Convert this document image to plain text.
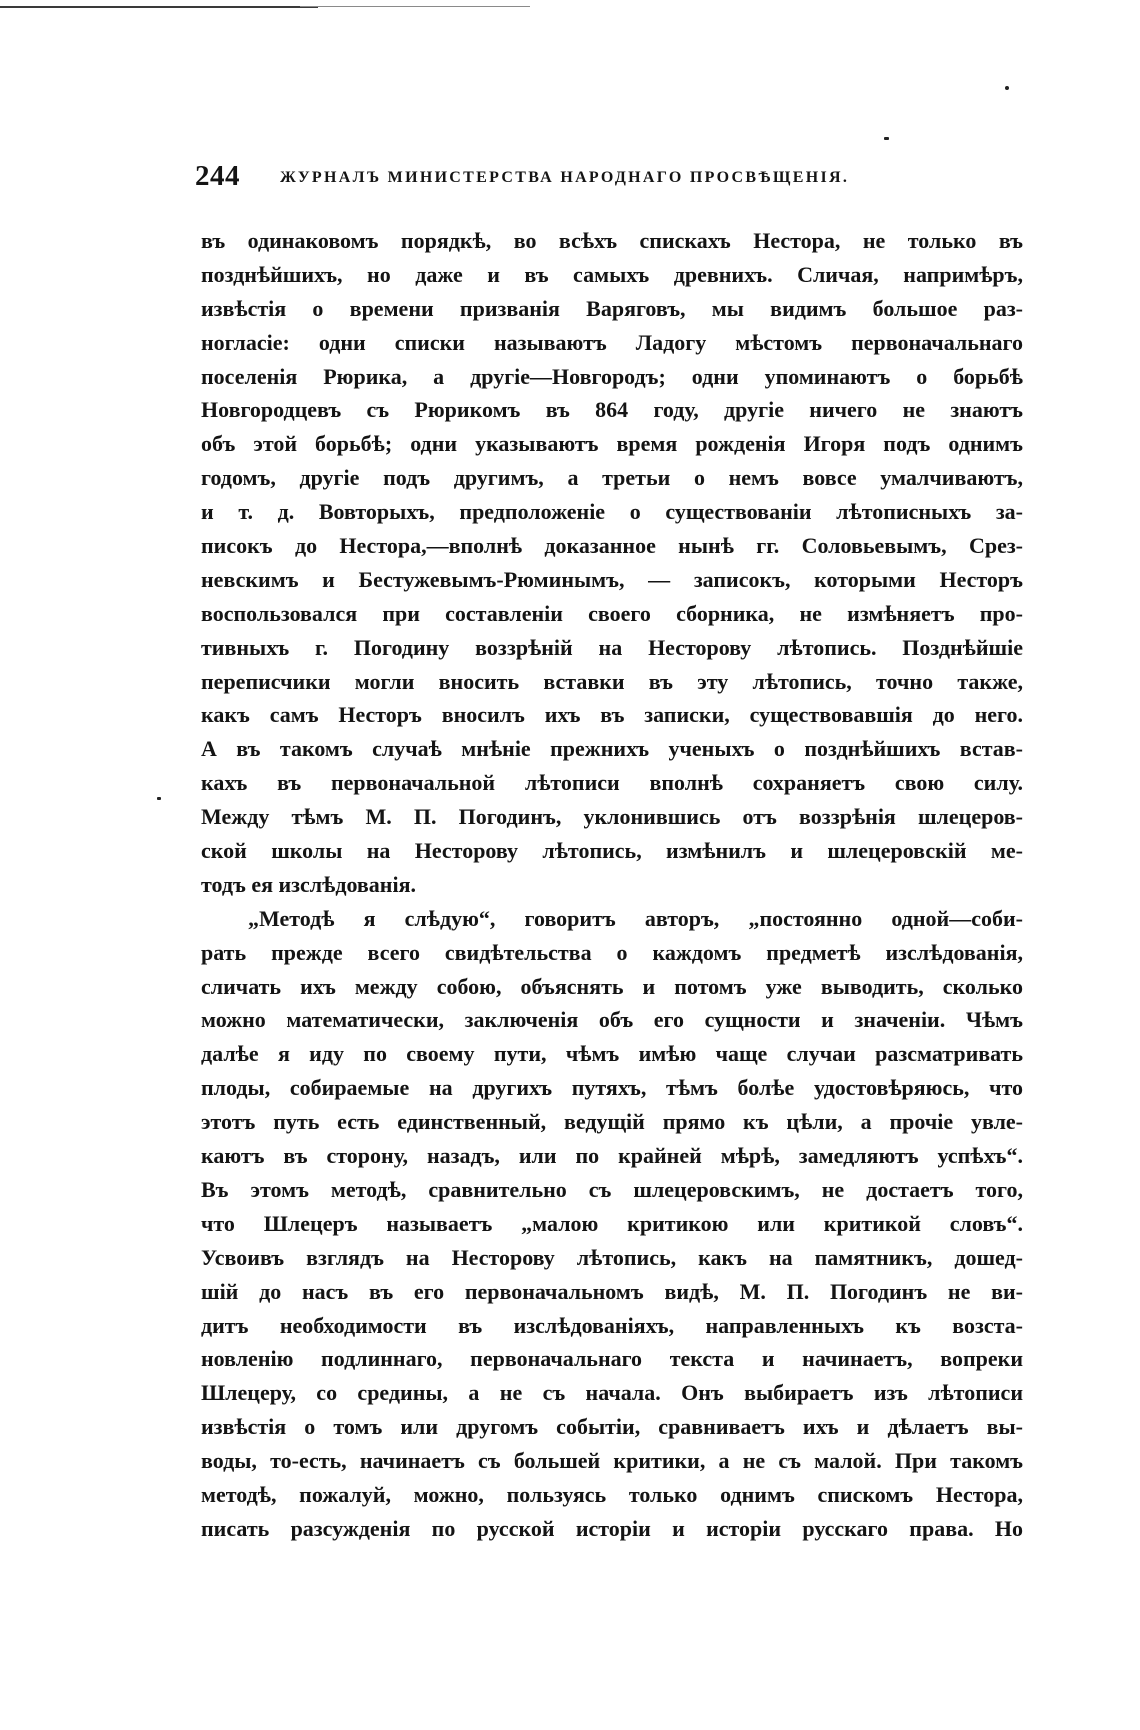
244	ЖУРНАЛЪ МИНИСТЕРСТВА НАРОДНАГО ПРОСВѢЩЕНІЯ.
въ одинаковомъ порядкѣ, во всѣхъ спискахъ Нестора, не только въ
позднѣйшихъ, но даже и въ самыхъ древнихъ. Сличая, напримѣръ,
извѣстія о времени призванія Варяговъ, мы видимъ большое раз-
ногласіе: одни списки называютъ Ладогу мѣстомъ первоначальнаго
поселенія Рюрика, а другіе—Новгородъ; одни упоминаютъ о борьбѣ
Новгородцевъ съ Рюрикомъ въ 864 году, другіе ничего не знаютъ
объ этой борьбѣ; одни указываютъ время рожденія Игоря подъ однимъ
годомъ, другіе подъ другимъ, а третьи о немъ вовсе умалчиваютъ,
и т. д. Вовторыхъ, предположеніе о существованіи лѣтописныхъ за-
писокъ до Нестора,—вполнѣ доказанное нынѣ гг. Соловьевымъ, Срез-
невскимъ и Бестужевымъ-Рюминымъ, — записокъ, которыми Несторъ
воспользовался при составленіи своего сборника, не измѣняетъ про-
тивныхъ г. Погодину воззрѣній на Несторову лѣтопись. Позднѣйшіе
переписчики могли вносить вставки въ эту лѣтопись, точно также,
какъ самъ Несторъ вносилъ ихъ въ записки, существовавшія до него.
А въ такомъ случаѣ мнѣніе прежнихъ ученыхъ о позднѣйшихъ встав-
кахъ въ первоначальной лѣтописи вполнѣ сохраняетъ свою силу.
Между тѣмъ М. П. Погодинъ, уклонившись отъ воззрѣнія шлецеров-
ской школы на Несторову лѣтопись, измѣнилъ и шлецеровскій ме-
тодъ ея изслѣдованія.
„Методѣ я слѣдую“, говоритъ авторъ, „постоянно одной—соби-
рать прежде всего свидѣтельства о каждомъ предметѣ изслѣдованія,
сличать ихъ между собою, объяснять и потомъ уже выводить, сколько
можно математически, заключенія объ его сущности и значеніи. Чѣмъ
далѣе я иду по своему пути, чѣмъ имѣю чаще случаи разсматривать
плоды, собираемые на другихъ путяхъ, тѣмъ болѣе удостовѣряюсь, что
этотъ путь есть единственный, ведущій прямо къ цѣли, а прочіе увле-
каютъ въ сторону, назадъ, или по крайней мѣрѣ, замедляютъ успѣхъ“.
Въ этомъ методѣ, сравнительно съ шлецеровскимъ, не достаетъ того,
что Шлецеръ называетъ „малою критикою или критикой словъ“.
Усвоивъ взглядъ на Несторову лѣтопись, какъ на памятникъ, дошед-
шій до насъ въ его первоначальномъ видѣ, М. П. Погодинъ не ви-
дитъ необходимости въ изслѣдованіяхъ, направленныхъ къ возста-
новленію подлиннаго, первоначальнаго текста и начинаетъ, вопреки
Шлецеру, со средины, а не съ начала. Онъ выбираетъ изъ лѣтописи
извѣстія о томъ или другомъ событіи, сравниваетъ ихъ и дѣлаетъ вы-
воды, то-есть, начинаетъ съ большей критики, а не съ малой. При такомъ
методѣ, пожалуй, можно, пользуясь только однимъ спискомъ Нестора,
писать разсужденія по русской исторіи и исторіи русскаго права. Но
